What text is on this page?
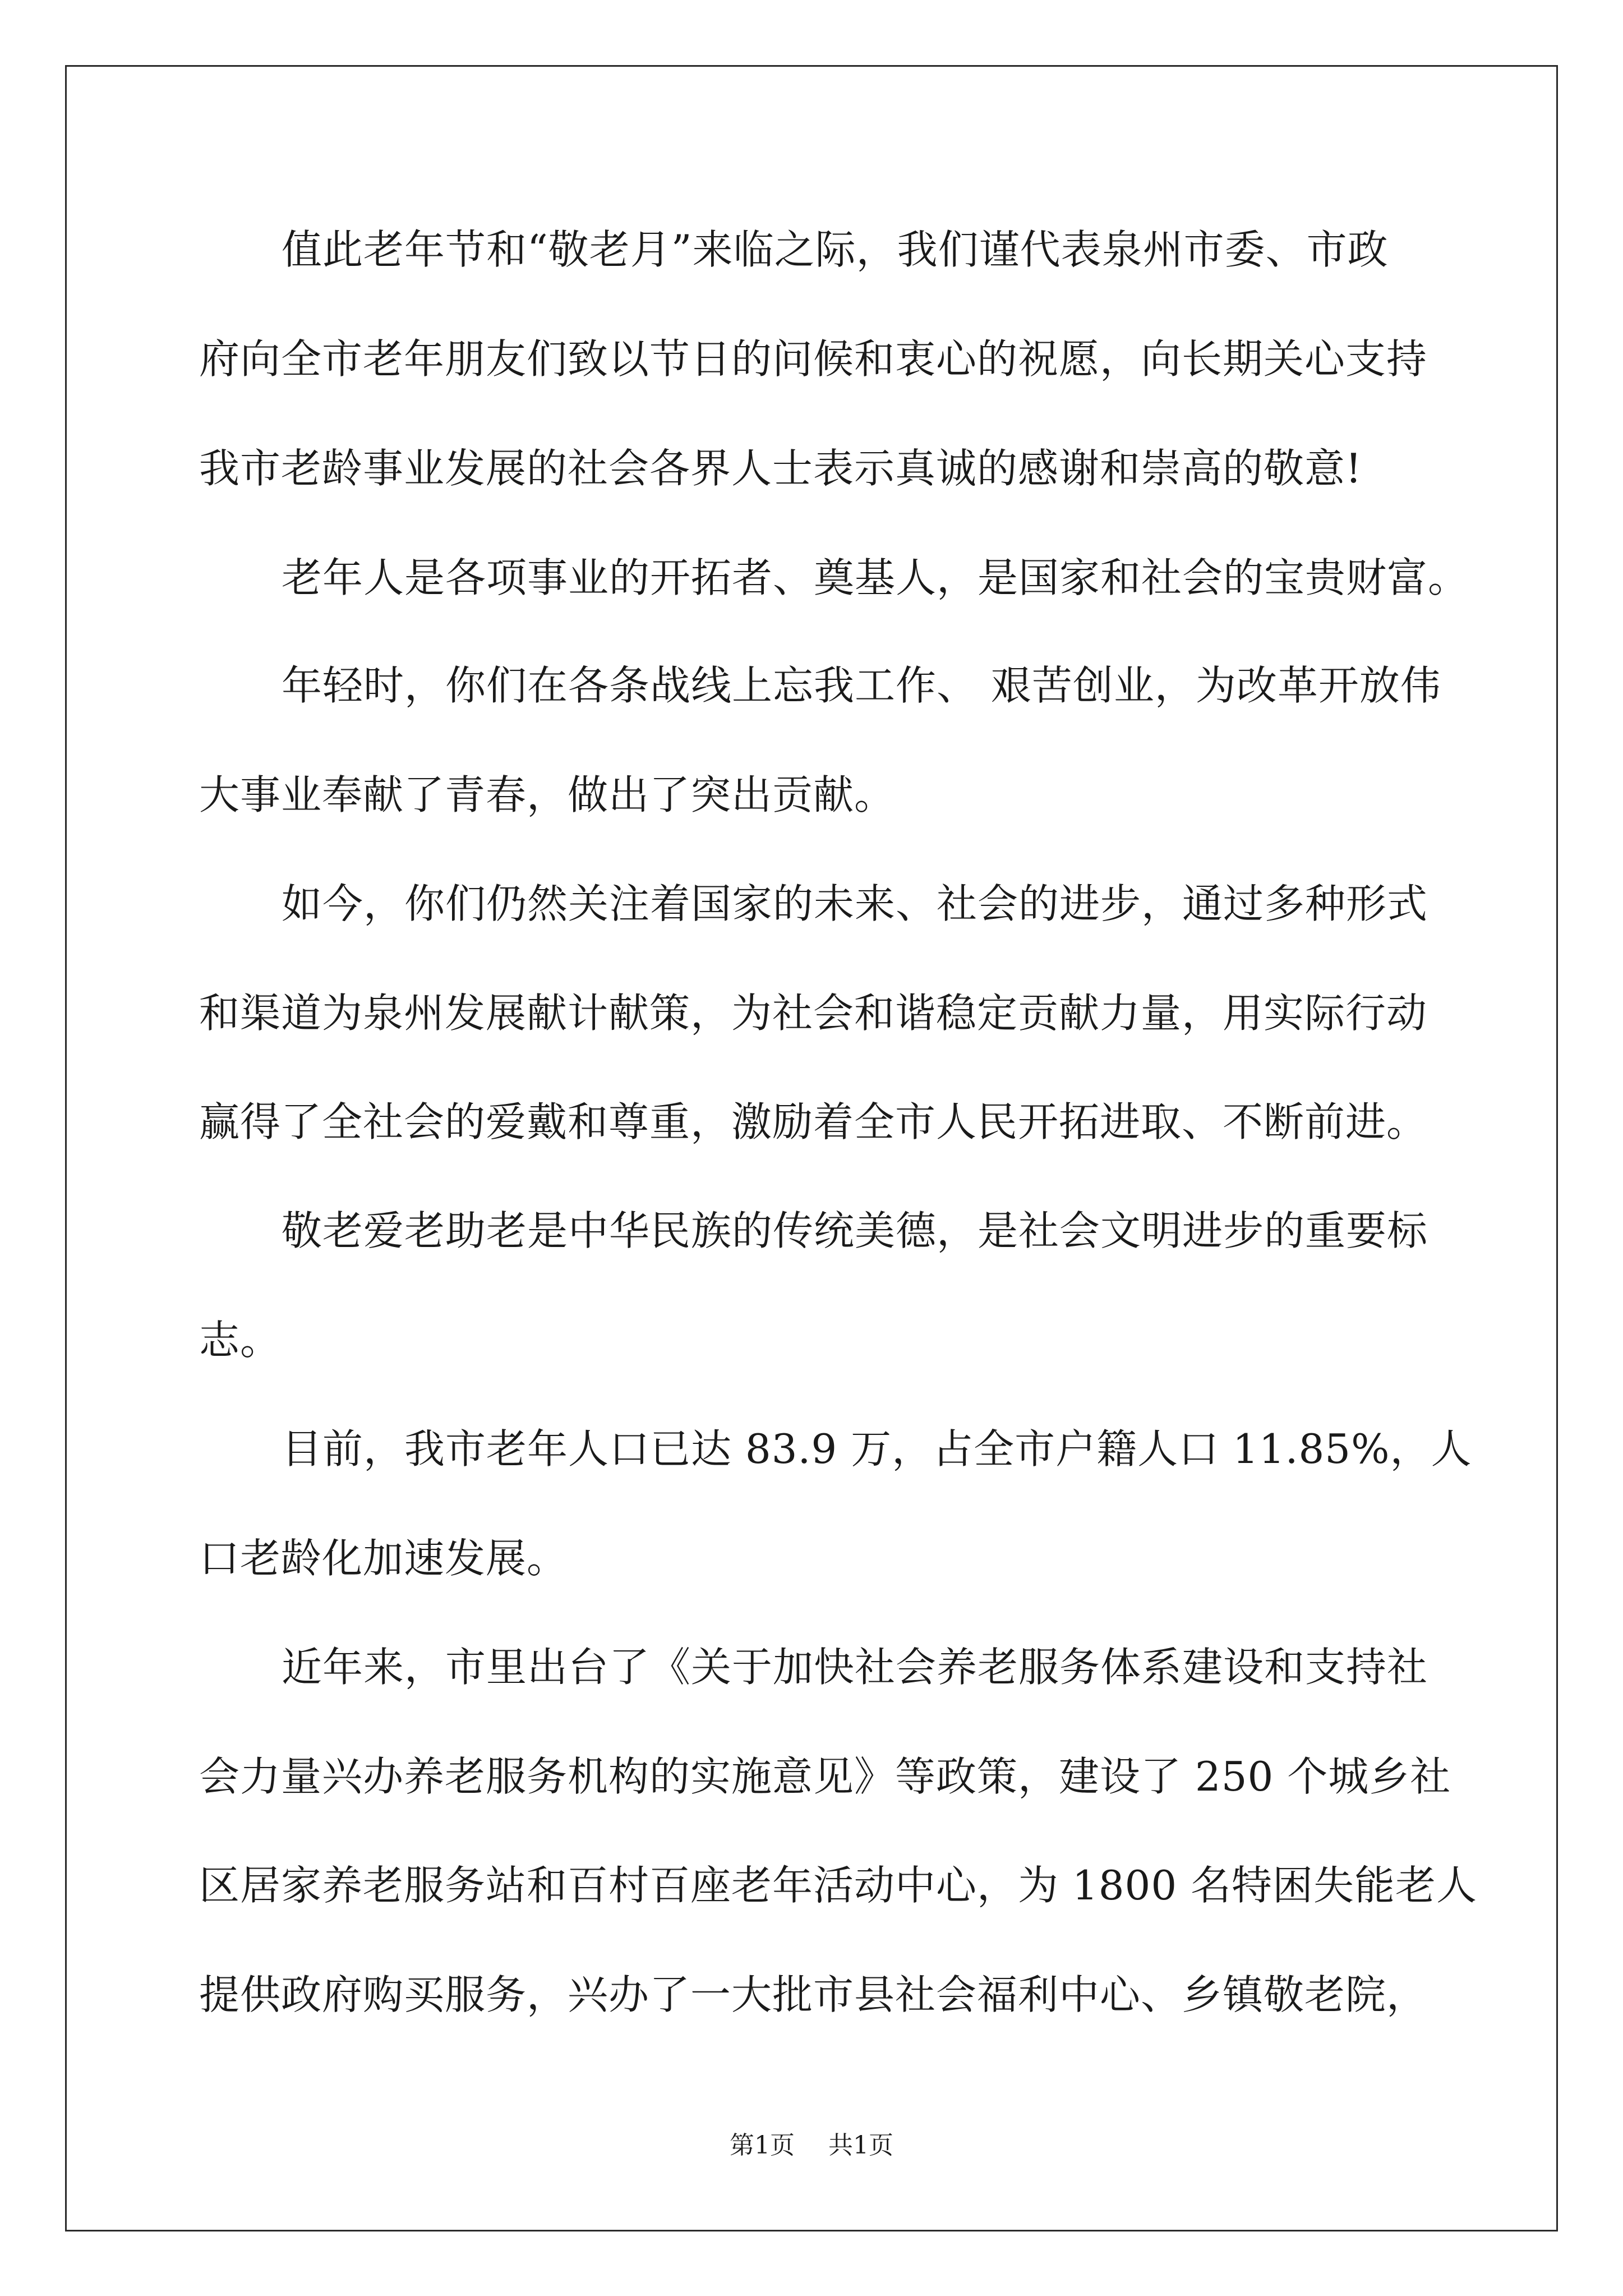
值此老年节和“敬老月”来临之际，我们谨代表泉州市委、市政
府向全市老年朋友们致以节日的问候和衷心的祝愿，向长期关心支持
我市老龄事业发展的社会各界人士表示真诚的感谢和崇高的敬意!
老年人是各项事业的开拓者、奠基人，是国家和社会的宝贵财富。
年轻时，你们在各条战线上忘我工作、 艰苦创业，为改革开放伟
大事业奉献了青春，做出了突出贡献。
如今，你们仍然关注着国家的未来、社会的进步，通过多种形式
和渠道为泉州发展献计献策，为社会和谐稳定贡献力量，用实际行动
赢得了全社会的爱戴和尊重，激励着全市人民开拓进取、不断前进。
敬老爱老助老是中华民族的传统美德，是社会文明进步的重要标
志。
目前，我市老年人口已达 83.9 万，占全市户籍人口 11.85%，人
口老龄化加速发展。
近年来，市里出台了《关于加快社会养老服务体系建设和支持社
会力量兴办养老服务机构的实施意见》等政策，建设了 250 个城乡社
区居家养老服务站和百村百座老年活动中心，为 1800 名特困失能老人
提供政府购买服务，兴办了一大批市县社会福利中心、乡镇敬老院，
第1页 共1页
